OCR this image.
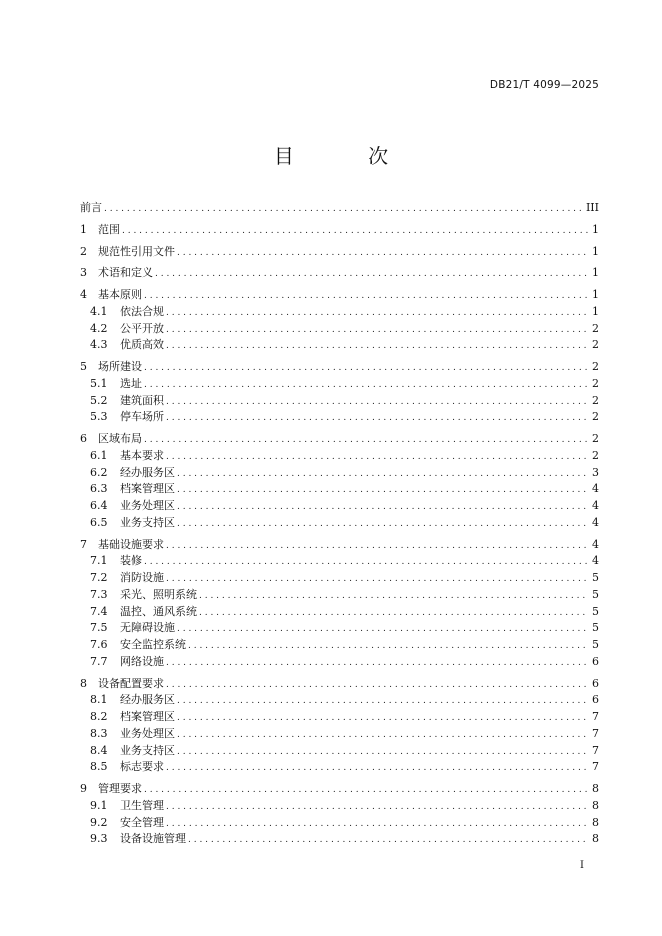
DB21/T 4099—2025
目 次
前言 . . .	III
1	范围 . . .	1
2	规范性引用文件 . . .	1
3	术语和定义 . . .	1
4	基本原则 . . .	1
4.1	依法合规 . . .	1
4.2	公平开放 . . .	2
4.3	优质高效 . . .	2
5	场所建设 . . .	2
5.1	选址 . . .	2
5.2	建筑面积 . . .	2
5.3	停车场所 . . .	2
6	区域布局 . . .	2
6.1	基本要求 . . .	2
6.2	经办服务区 . . .	3
6.3	档案管理区 . . .	4
6.4	业务处理区 . . .	4
6.5	业务支持区 . . .	4
7	基础设施要求 . . .	4
7.1	装修 . . .	4
7.2	消防设施 . . .	5
7.3	采光、照明系统 . . .	5
7.4	温控、通风系统 . . .	5
7.5	无障碍设施 . . .	5
7.6	安全监控系统 . . .	5
7.7	网络设施 . . .	6
8	设备配置要求 . . .	6
8.1	经办服务区 . . .	6
8.2	档案管理区 . . .	7
8.3	业务处理区 . . .	7
8.4	业务支持区 . . .	7
8.5	标志要求 . . .	7
9	管理要求 . . .	8
9.1	卫生管理 . . .	8
9.2	安全管理 . . .	8
9.3	设备设施管理 . . .	8
I
